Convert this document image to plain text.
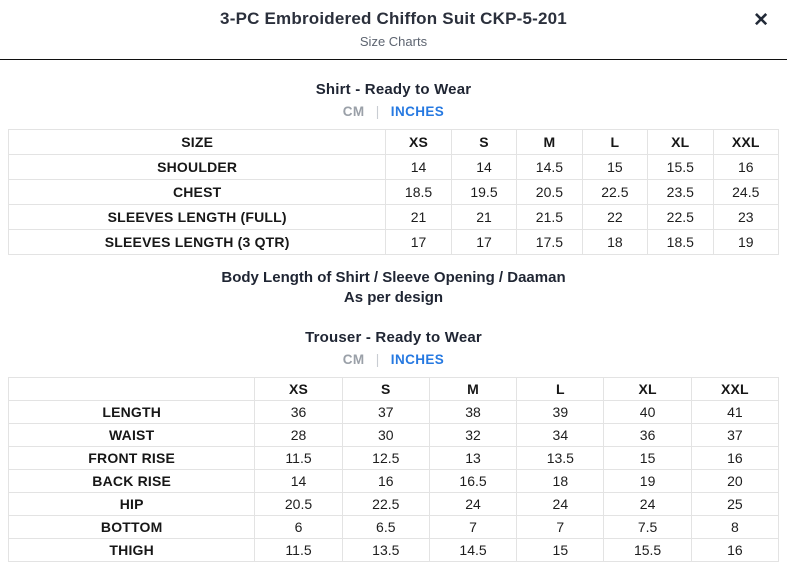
3-PC Embroidered Chiffon Suit CKP-5-201
Size Charts
✕
Shirt - Ready to Wear
CM | INCHES
SIZE	XS	S	M	L	XL	XXL
SHOULDER	14	14	14.5	15	15.5	16
CHEST	18.5	19.5	20.5	22.5	23.5	24.5
SLEEVES LENGTH (FULL)	21	21	21.5	22	22.5	23
SLEEVES LENGTH (3 QTR)	17	17	17.5	18	18.5	19
Body Length of Shirt / Sleeve Opening / Daaman
As per design
Trouser - Ready to Wear
CM | INCHES
	XS	S	M	L	XL	XXL
LENGTH	36	37	38	39	40	41
WAIST	28	30	32	34	36	37
FRONT RISE	11.5	12.5	13	13.5	15	16
BACK RISE	14	16	16.5	18	19	20
HIP	20.5	22.5	24	24	24	25
BOTTOM	6	6.5	7	7	7.5	8
THIGH	11.5	13.5	14.5	15	15.5	16
